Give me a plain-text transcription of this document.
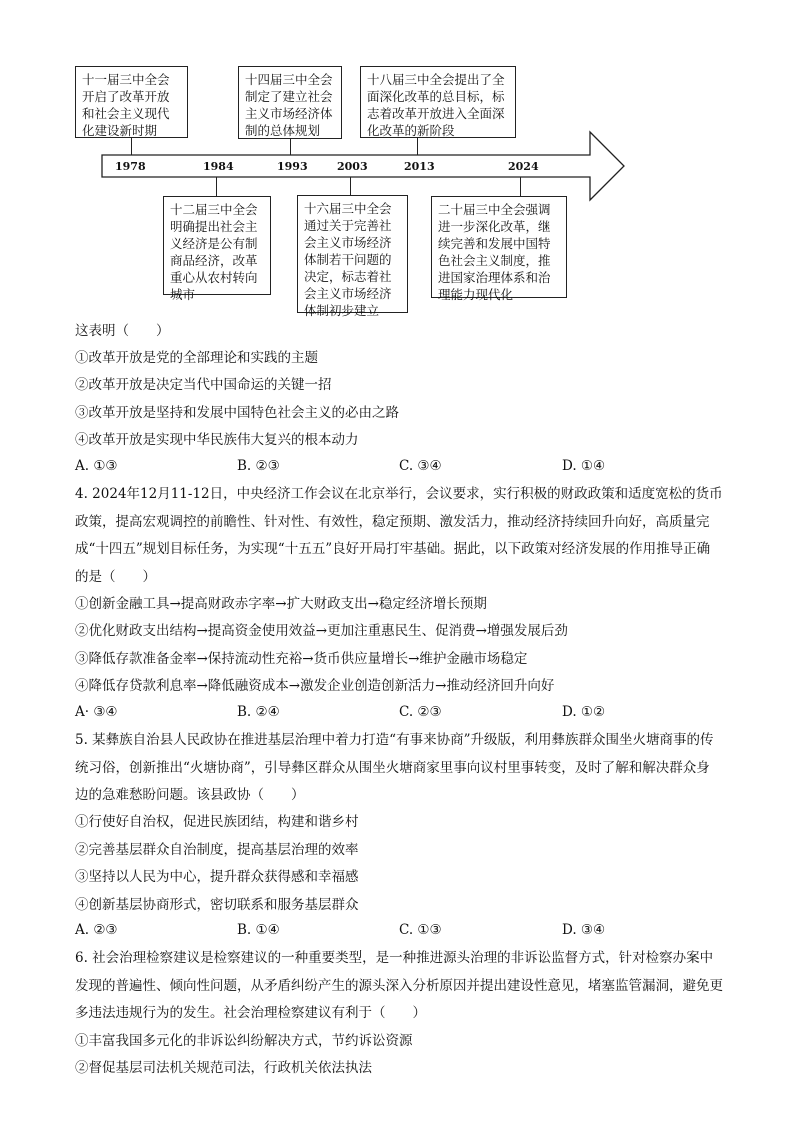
十一届三中全会开启了改革开放和社会主义现代化建设新时期
十四届三中全会制定了建立社会主义市场经济体制的总体规划
十八届三中全会提出了全面深化改革的总目标，标志着改革开放进入全面深化改革的新阶段
1978	1984	1993	2003	2013	2024
十二届三中全会明确提出社会主义经济是公有制商品经济，改革重心从农村转向城市
十六届三中全会通过关于完善社会主义市场经济体制若干问题的决定，标志着社会主义市场经济体制初步建立
二十届三中全会强调进一步深化改革，继续完善和发展中国特色社会主义制度，推进国家治理体系和治理能力现代化
这表明（　　）
①改革开放是党的全部理论和实践的主题
②改革开放是决定当代中国命运的关键一招
③改革开放是坚持和发展中国特色社会主义的必由之路
④改革开放是实现中华民族伟大复兴的根本动力
A. ①③	B. ②③	C. ③④	D. ①④
4. 2024年12月11-12日，中央经济工作会议在北京举行，会议要求，实行积极的财政政策和适度宽松的货币政策，提高宏观调控的前瞻性、针对性、有效性，稳定预期、激发活力，推动经济持续回升向好，高质量完成“十四五”规划目标任务，为实现“十五五”良好开局打牢基础。据此，以下政策对经济发展的作用推导正确的是（　　）
①创新金融工具→提高财政赤字率→扩大财政支出→稳定经济增长预期
②优化财政支出结构→提高资金使用效益→更加注重惠民生、促消费→增强发展后劲
③降低存款准备金率→保持流动性充裕→货币供应量增长→维护金融市场稳定
④降低存贷款利息率→降低融资成本→激发企业创造创新活力→推动经济回升向好
A· ③④	B. ②④	C. ②③	D. ①②
5. 某彝族自治县人民政协在推进基层治理中着力打造“有事来协商”升级版，利用彝族群众围坐火塘商事的传统习俗，创新推出“火塘协商”，引导彝区群众从围坐火塘商家里事向议村里事转变，及时了解和解决群众身边的急难愁盼问题。该县政协（　　）
①行使好自治权，促进民族团结，构建和谐乡村
②完善基层群众自治制度，提高基层治理的效率
③坚持以人民为中心，提升群众获得感和幸福感
④创新基层协商形式，密切联系和服务基层群众
A. ②③	B. ①④	C. ①③	D. ③④
6. 社会治理检察建议是检察建议的一种重要类型，是一种推进源头治理的非诉讼监督方式，针对检察办案中发现的普遍性、倾向性问题，从矛盾纠纷产生的源头深入分析原因并提出建设性意见，堵塞监管漏洞，避免更多违法违规行为的发生。社会治理检察建议有利于（　　）
①丰富我国多元化的非诉讼纠纷解决方式，节约诉讼资源
②督促基层司法机关规范司法，行政机关依法执法
